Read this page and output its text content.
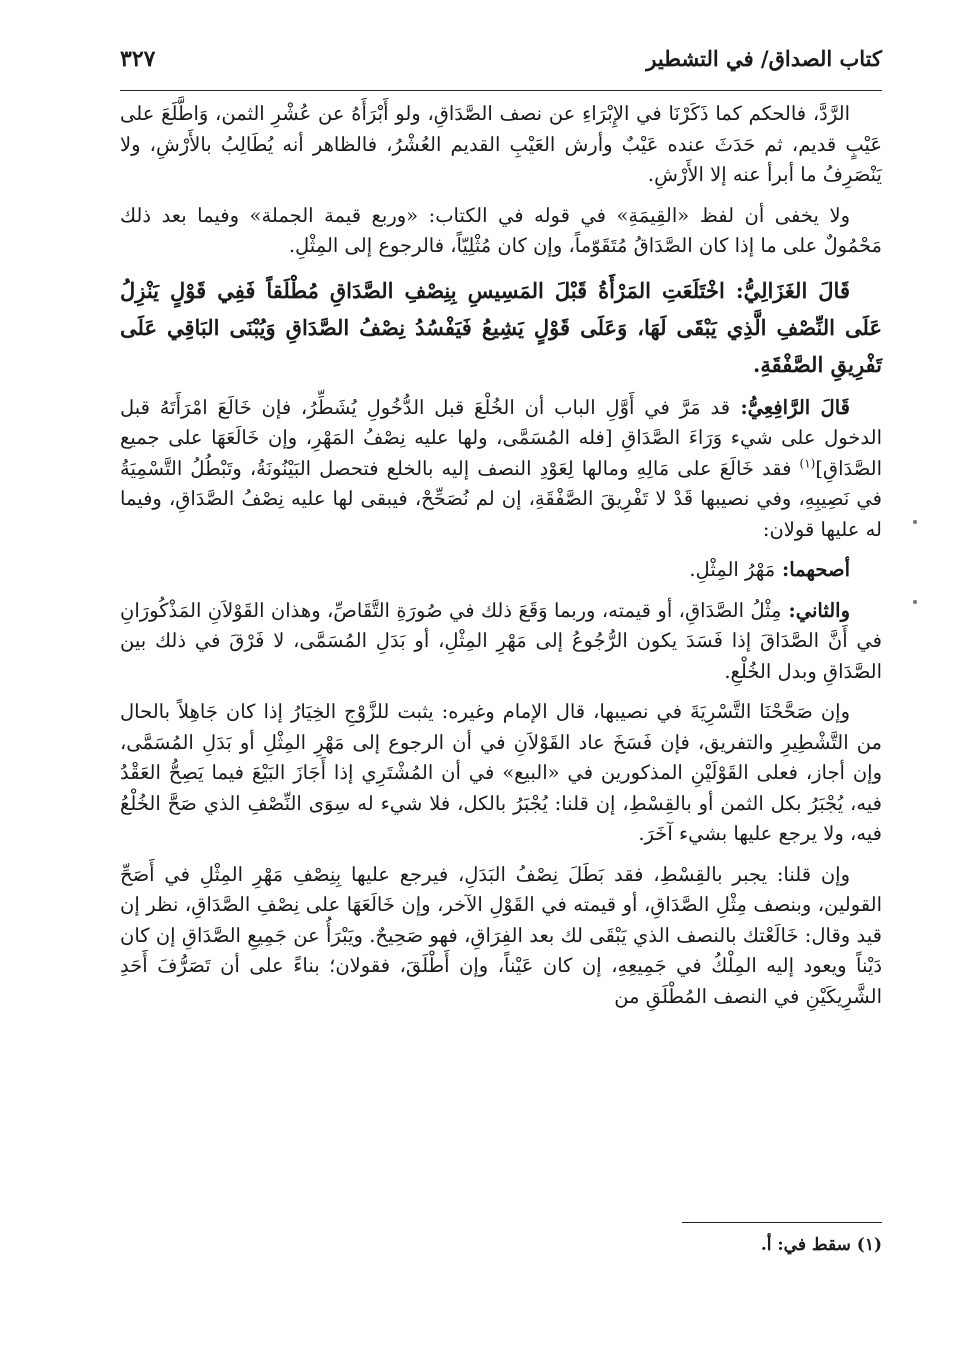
كتاب الصداق/ في التشطير
٣٢٧

الرَّدَّ، فالحكم كما ذَكَرْنَا في الإِبْرَاءِ عن نصف الصَّدَاقِ، ولو أَبْرَأَهُ عن عُشْرِ الثمن، وَاطَّلَعَ على عَيْبٍ قديم، ثم حَدَثَ عنده عَيْبٌ وأرش العَيْبِ القديم العُشْرُ، فالظاهر أنه يُطَالِبُ بالأَرْشِ، ولا يَنْصَرِفُ ما أبرأ عنه إلا الأَرْشِ.

ولا يخفى أن لفظ «القِيمَةِ» في قوله في الكتاب: «وربع قيمة الجملة» وفيما بعد ذلك مَحْمُولٌ على ما إذا كان الصَّدَاقُ مُتَقَوّماً، وإن كان مُثْلِيّاً، فالرجوع إلى المِثْلِ.

قَالَ الغَزَالِيُّ: اخْتَلَعَتِ المَرْأَةُ قَبْلَ المَسِيسِ بِنِصْفِ الصَّدَاقِ مُطْلَقاً فَفِي قَوْلٍ يَنْزِلُ عَلَى النِّصْفِ الَّذِي يَبْقَى لَهَا، وَعَلَى قَوْلٍ يَشِيعُ فَيَفْسُدُ نِصْفُ الصَّدَاقِ وَيُبْنَى البَاقِي عَلَى تَفْرِيقِ الصَّفْقَةِ.

قَالَ الرَّافِعِيُّ: قد مَرَّ في أَوَّلِ الباب أن الخُلْعَ قبل الدُّخُولِ يُشَطِّرُ، فإن خَالَعَ امْرَأَتَهُ قبل الدخول على شيء وَرَاءَ الصَّدَاقِ [فله المُسَمَّى، ولها عليه نِصْفُ المَهْرِ، وإن خَالَعَهَا على جميع الصَّدَاقِ]$^{(١)}$ فقد خَالَعَ على مَالِهِ ومالها لِعَوْدِ النصف إليه بالخلع فتحصل البَيْنُونَةُ، وتَبْطُلُ التَّسْمِيَةُ في نَصِيبِهِ، وفي نصيبها قَدْ لا تَفْرِيقَ الصَّفْقَةِ، إن لم نُصَحِّحْ، فيبقى لها عليه نِصْفُ الصَّدَاقِ، وفيما له عليها قولان:

أصحهما: مَهْرُ المِثْلِ.

والثاني: مِثْلُ الصَّدَاقِ، أو قيمته، وربما وَقَعَ ذلك في صُورَةِ التَّقَاصِّ، وهذان القَوْلاَنِ المَذْكُورَانِ في أَنَّ الصَّدَاقَ إذا فَسَدَ يكون الرُّجُوعُ إلى مَهْرِ المِثْلِ، أو بَدَلِ المُسَمَّى، لا فَرْقَ في ذلك بين الصَّدَاقِ وبدل الخُلْعِ.

وإن صَحَّحْنَا التَّسْرِيَةَ في نصيبها، قال الإمام وغيره: يثبت للزَّوْجِ الخِيَارُ إذا كان جَاهِلاً بالحال من التَّشْطِيرِ والتفريق، فإن فَسَخَ عاد القَوْلاَنِ في أن الرجوع إلى مَهْرِ المِثْلِ أو بَدَلِ المُسَمَّى، وإن أجاز، فعلى القَوْلَيْنِ المذكورين في «البيع» في أن المُشْتَرِي إذا أَجَازَ البَيْعَ فيما يَصِحُّ العَقْدُ فيه، يُجْبَرُ بكل الثمن أو بالقِسْطِ، إن قلنا: يُجْبَرُ بالكل، فلا شيء له سِوَى النِّصْفِ الذي صَحَّ الخُلْعُ فيه، ولا يرجع عليها بشيء آخَرَ.

وإن قلنا: يجبر بالقِسْطِ، فقد بَطَلَ نِصْفُ البَدَلِ، فيرجع عليها بِنِصْفِ مَهْرِ المِثْلِ في أَصَحِّ القولين، وبنصف مِثْلِ الصَّدَاقِ، أو قيمته في القَوْلِ الآخر، وإن خَالَعَهَا على نِصْفِ الصَّدَاقِ، نظر إن قيد وقال: خَالَعْتك بالنصف الذي يَبْقَى لك بعد الفِرَاقِ، فهو صَحِيحٌ. ويَبْرَأُ عن جَمِيعِ الصَّدَاقِ إن كان دَيْناً ويعود إليه المِلْكُ في جَمِيعِهِ، إن كان عَيْناً، وإن أَطْلَقَ، فقولان؛ بناءً على أن تَصَرُّفَ أَحَدِ الشَّرِيكَيْنِ في النصف المُطْلَقِ من

(١) سقط في: أ.
